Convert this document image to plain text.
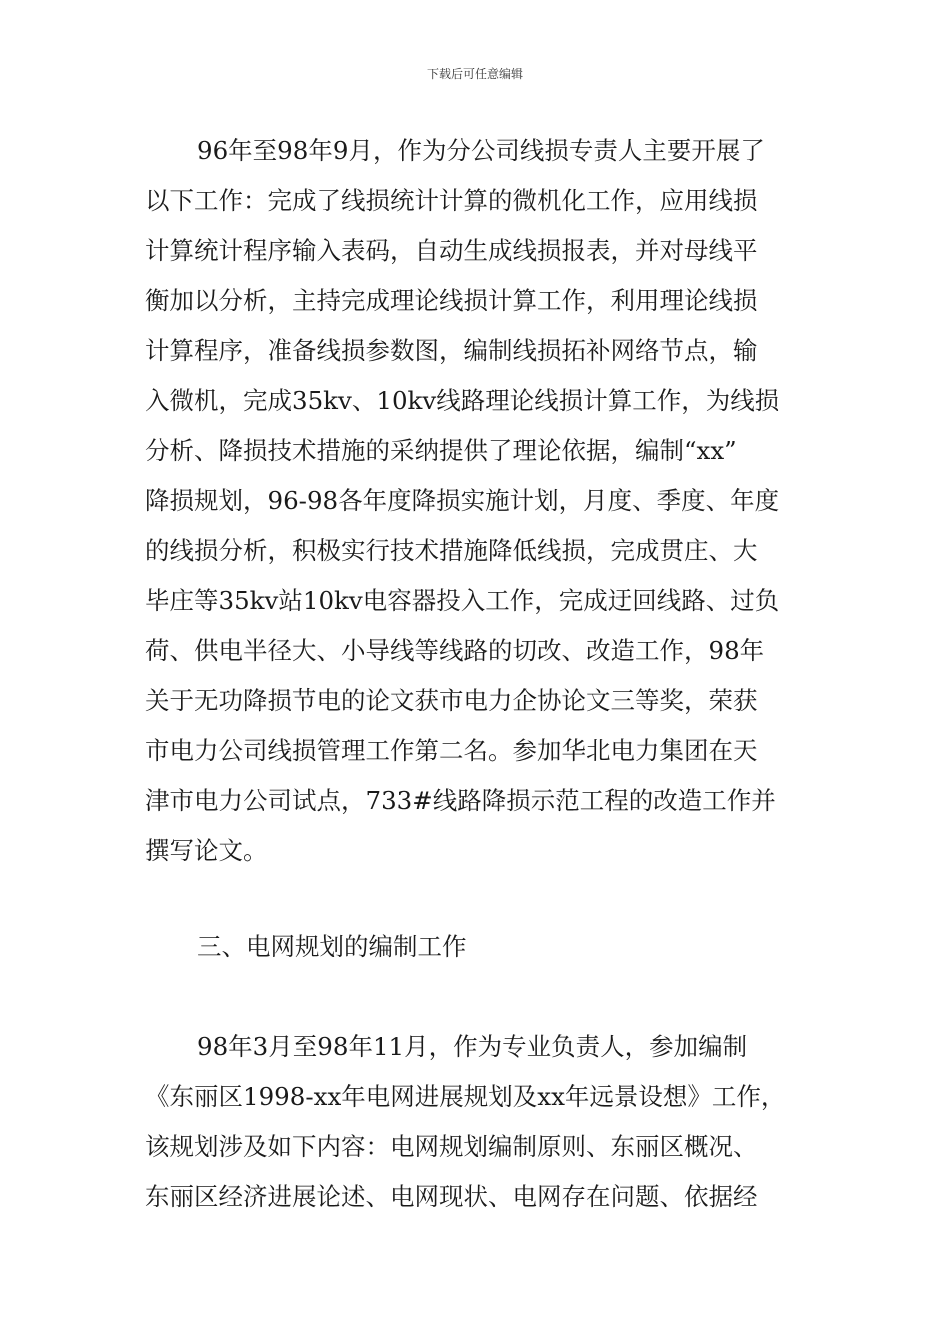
下载后可任意编辑
96年至98年9月，作为分公司线损专责人主要开展了
以下工作：完成了线损统计计算的微机化工作，应用线损
计算统计程序输入表码，自动生成线损报表，并对母线平
衡加以分析，主持完成理论线损计算工作，利用理论线损
计算程序，准备线损参数图，编制线损拓补网络节点，输
入微机，完成35kv、10kv线路理论线损计算工作，为线损
分析、降损技术措施的采纳提供了理论依据，编制“xx”
降损规划，96-98各年度降损实施计划，月度、季度、年度
的线损分析，积极实行技术措施降低线损，完成贯庄、大
毕庄等35kv站10kv电容器投入工作，完成迂回线路、过负
荷、供电半径大、小导线等线路的切改、改造工作，98年
关于无功降损节电的论文获市电力企协论文三等奖，荣获
市电力公司线损管理工作第二名。参加华北电力集团在天
津市电力公司试点，733#线路降损示范工程的改造工作并
撰写论文。
三、电网规划的编制工作
98年3月至98年11月，作为专业负责人，参加编制
《东丽区1998-xx年电网进展规划及xx年远景设想》工作，
该规划涉及如下内容：电网规划编制原则、东丽区概况、
东丽区经济进展论述、电网现状、电网存在问题、依据经
